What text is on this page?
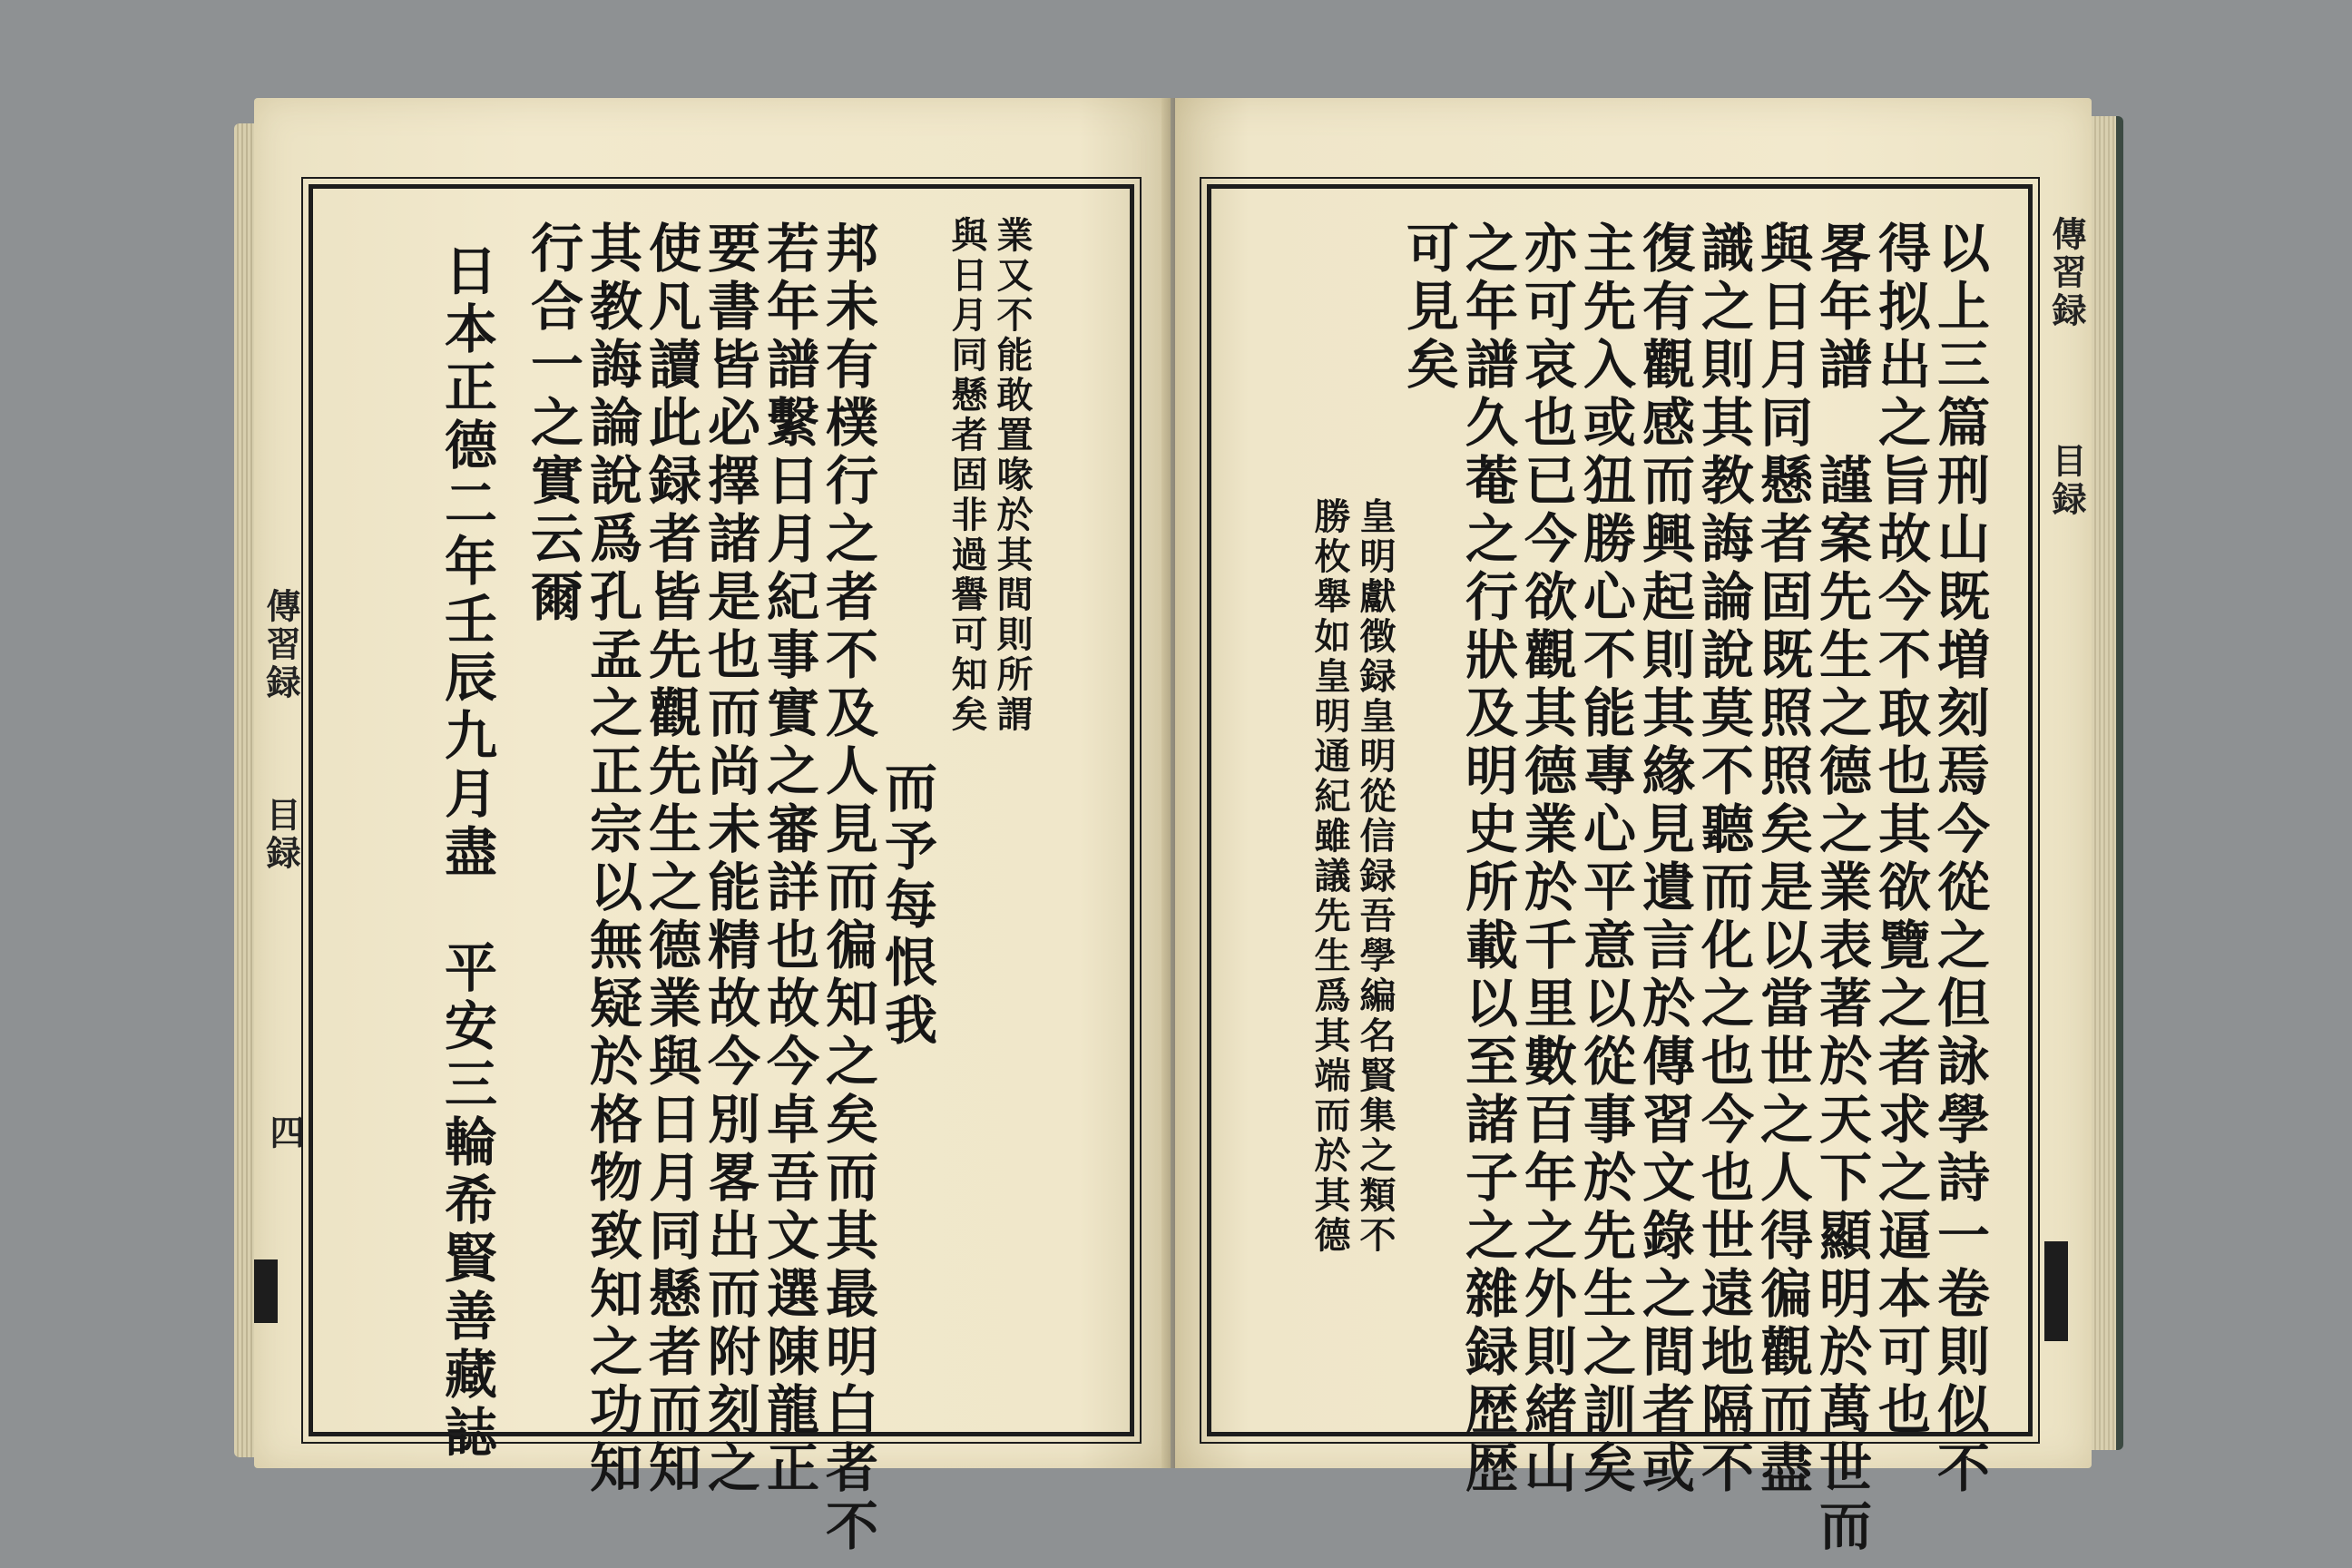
業又不能敢置喙於其間則所謂
與日月同懸者固非過譽可知矣
而予每恨我
邦未有樸行之者不及人見而徧知之矣而其最明白者不
若年譜繫日月紀事實之審詳也故今卓吾文選陳龍正
要書皆必擇諸是也而尚未能精故今別畧出而附刻之
使凡讀此録者皆先觀先生之德業與日月同懸者而知
其教誨論說爲孔孟之正宗以無疑於格物致知之功知
行合一之實云爾
日本正德二年壬辰九月盡　平安三輪希賢善藏誌
傳習録
目録
四	以上三篇刑山既増刻焉今從之但詠學詩一卷則似不
得拟出之旨故今不取也其欲覽之者求之逼本可也
畧年譜　謹案先生之德之業表著於天下顯明於萬世而
與日月同懸者固既照照矣是以當世之人得徧觀而盡
識之則其教誨論說莫不聽而化之也今也世遠地隔不
復有觀感而興起則其緣見遺言於傳習文錄之間者或
主先入或狃勝心不能專心平意以從事於先生之訓矣
亦可哀也已今欲觀其德業於千里數百年之外則緒山
之年譜久菴之行狀及明史所載以至諸子之雜録歴歴
可見矣
皇明獻徴録皇明從信録吾學編名賢集之類不
勝枚舉如皇明通紀雖議先生爲其端而於其德
傳習録
目録
